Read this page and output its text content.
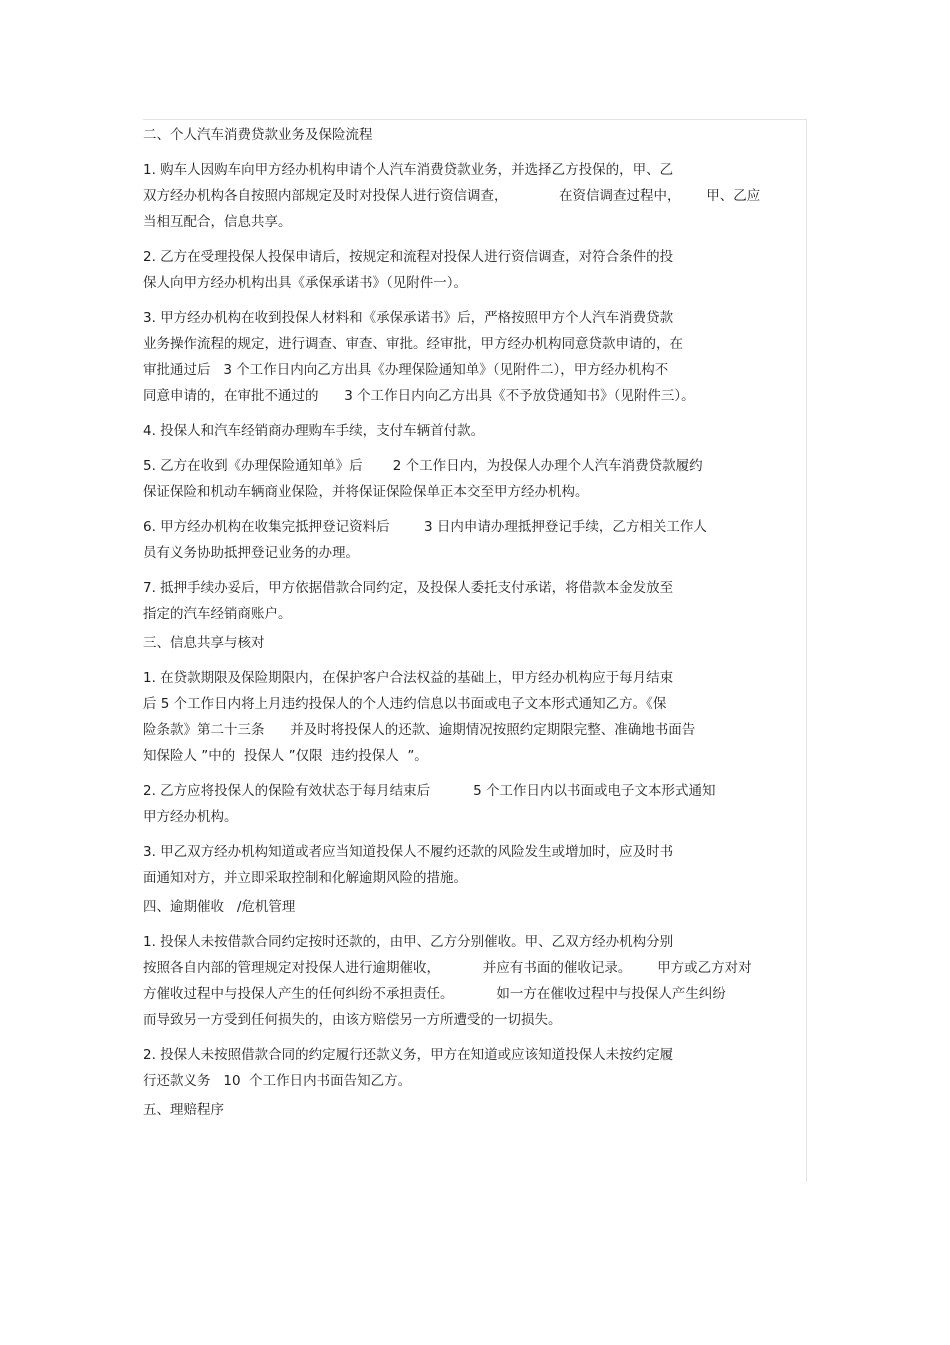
二、个人汽车消费贷款业务及保险流程
1. 购车人因购车向甲方经办机构申请个人汽车消费贷款业务，并选择乙方投保的，甲、乙
双方经办机构各自按照内部规定及时对投保人进行资信调查，            在资信调查过程中，      甲、乙应
当相互配合，信息共享。
2. 乙方在受理投保人投保申请后，按规定和流程对投保人进行资信调查，对符合条件的投
保人向甲方经办机构出具《承保承诺书》（见附件一）。
3. 甲方经办机构在收到投保人材料和《承保承诺书》后，严格按照甲方个人汽车消费贷款
业务操作流程的规定，进行调查、审查、审批。经审批，甲方经办机构同意贷款申请的，在
审批通过后   3 个工作日内向乙方出具《办理保险通知单》（见附件二），甲方经办机构不
同意申请的，在审批不通过的      3 个工作日内向乙方出具《不予放贷通知书》（见附件三）。
4. 投保人和汽车经销商办理购车手续，支付车辆首付款。
5. 乙方在收到《办理保险通知单》后       2 个工作日内，为投保人办理个人汽车消费贷款履约
保证保险和机动车辆商业保险，并将保证保险保单正本交至甲方经办机构。
6. 甲方经办机构在收集完抵押登记资料后        3 日内申请办理抵押登记手续，乙方相关工作人
员有义务协助抵押登记业务的办理。
7. 抵押手续办妥后，甲方依据借款合同约定，及投保人委托支付承诺，将借款本金发放至
指定的汽车经销商账户。
三、信息共享与核对
1. 在贷款期限及保险期限内，在保护客户合法权益的基础上，甲方经办机构应于每月结束
后 5 个工作日内将上月违约投保人的个人违约信息以书面或电子文本形式通知乙方。《保
险条款》第二十三条      并及时将投保人的还款、逾期情况按照约定期限完整、准确地书面告
知保险人 ”中的  投保人 ”仅限  违约投保人  ”。
2. 乙方应将投保人的保险有效状态于每月结束后          5 个工作日内以书面或电子文本形式通知
甲方经办机构。
3. 甲乙双方经办机构知道或者应当知道投保人不履约还款的风险发生或增加时，应及时书
面通知对方，并立即采取控制和化解逾期风险的措施。
四、逾期催收   /危机管理
1. 投保人未按借款合同约定按时还款的，由甲、乙方分别催收。甲、乙双方经办机构分别
按照各自内部的管理规定对投保人进行逾期催收，          并应有书面的催收记录。      甲方或乙方对对
方催收过程中与投保人产生的任何纠纷不承担责任。          如一方在催收过程中与投保人产生纠纷
而导致另一方受到任何损失的，由该方赔偿另一方所遭受的一切损失。
2. 投保人未按照借款合同的约定履行还款义务，甲方在知道或应该知道投保人未按约定履
行还款义务   10  个工作日内书面告知乙方。
五、理赔程序
